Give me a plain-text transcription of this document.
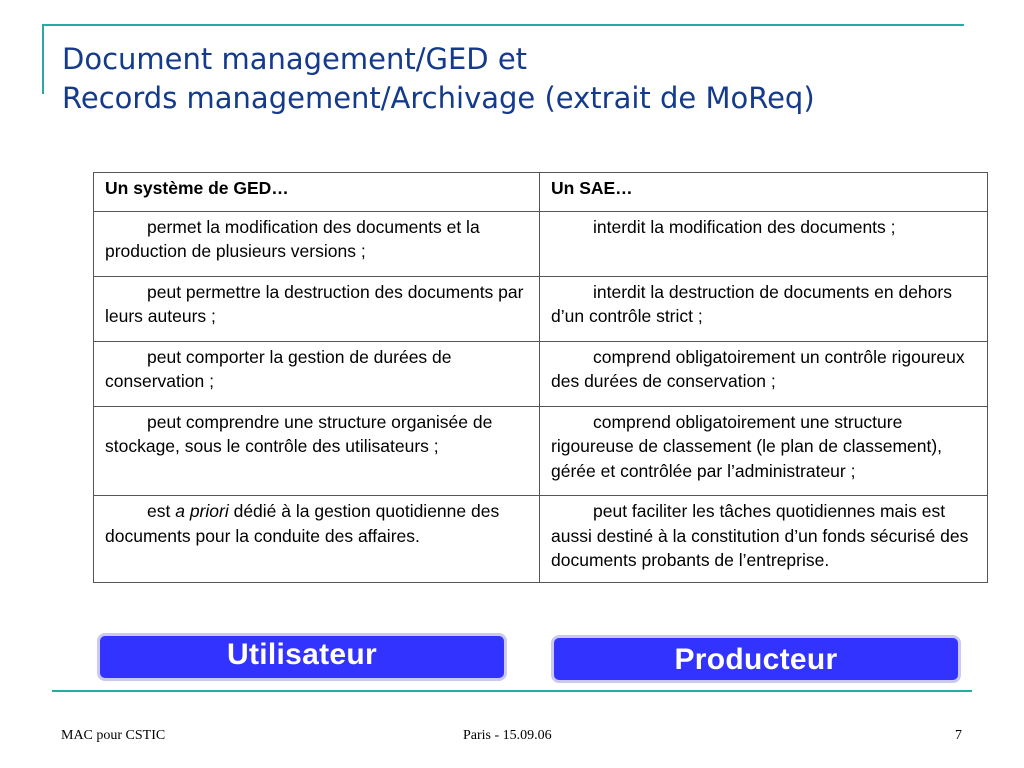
Document management/GED et
Records management/Archivage (extrait de MoReq)
Un système de GED…	Un SAE…

permet la modification des documents et la production de plusieurs versions ;	interdit la modification des documents ;

peut permettre la destruction des documents par leurs auteurs ;	interdit la destruction de documents en dehors d’un contrôle strict ;

peut comporter la gestion de durées de conservation ;	comprend obligatoirement un contrôle rigoureux des durées de conservation ;

peut comprendre une structure organisée de stockage, sous le contrôle des utilisateurs ;	comprend obligatoirement une structure rigoureuse de classement (le plan de classement), gérée et contrôlée par l’administrateur ;

est a priori dédié à la gestion quotidienne des documents pour la conduite des affaires.	peut faciliter les tâches quotidiennes mais est aussi destiné à la constitution d’un fonds sécurisé des documents probants de l’entreprise.
Utilisateur	Producteur
MAC pour CSTIC	Paris - 15.09.06	7
